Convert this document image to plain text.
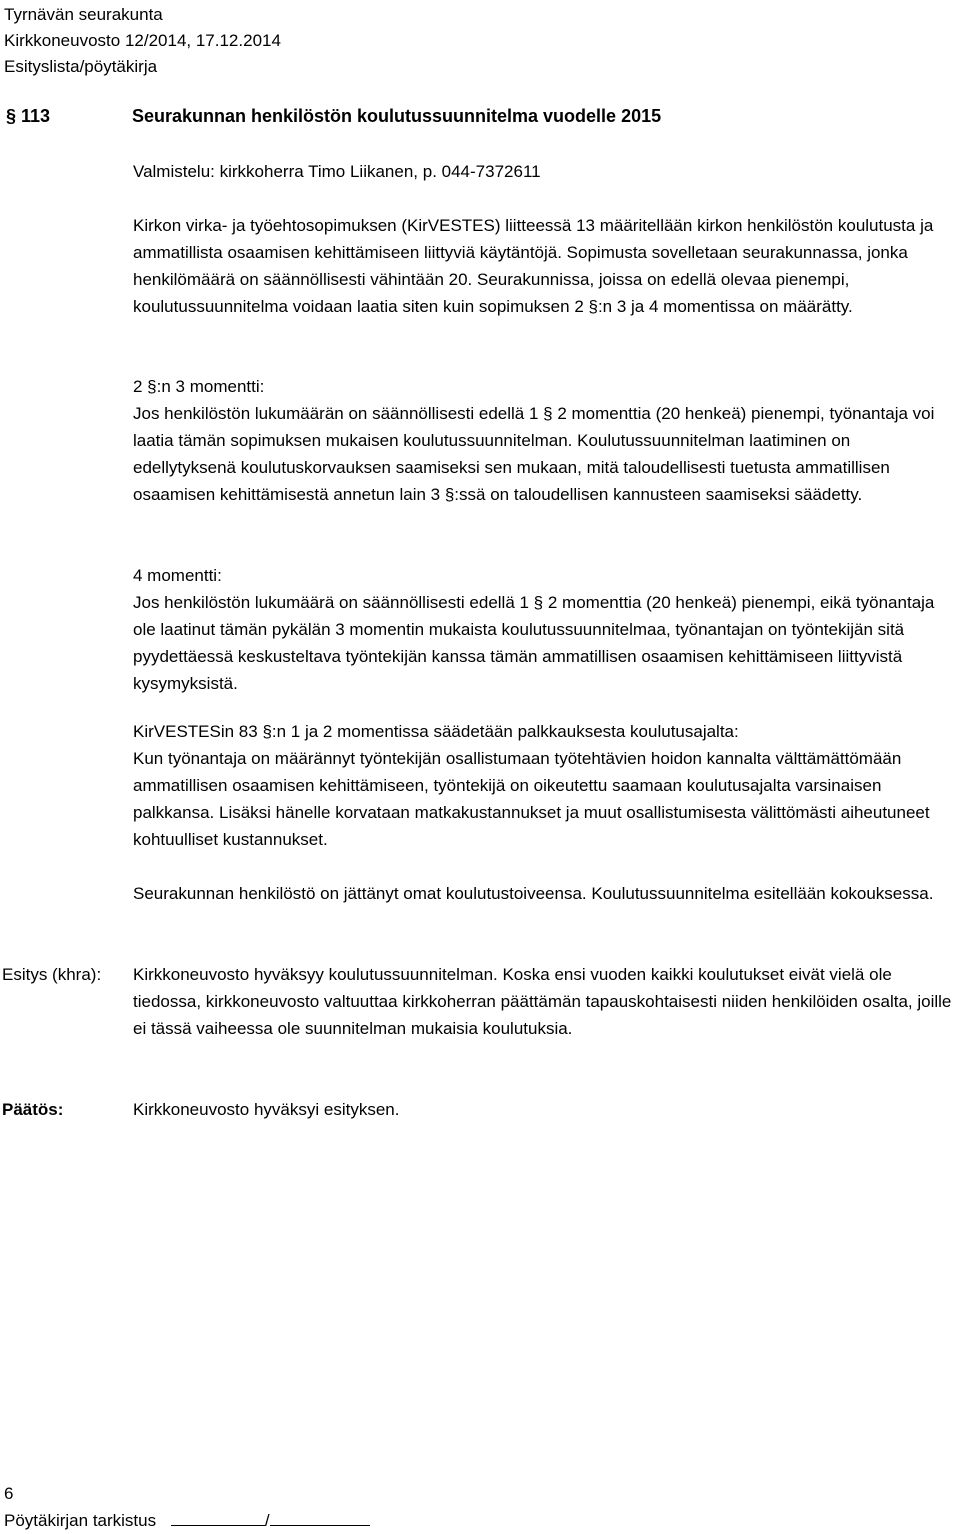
Tyrnävän seurakunta
Kirkkoneuvosto 12/2014, 17.12.2014
Esityslista/pöytäkirja
§ 113	Seurakunnan henkilöstön koulutussuunnitelma vuodelle 2015

Valmistelu: kirkkoherra Timo Liikanen, p. 044-7372611

Kirkon virka- ja työehtosopimuksen (KirVESTES) liitteessä 13 määritellään kirkon henkilöstön koulutusta ja ammatillista osaamisen kehittämiseen liittyviä käytäntöjä. Sopimusta sovelletaan seurakunnassa, jonka henkilömäärä on säännöllisesti vähintään 20. Seurakunnissa, joissa on edellä olevaa pienempi, koulutussuunnitelma voidaan laatia siten kuin sopimuksen 2 §:n 3 ja 4 momentissa on määrätty.

2 §:n 3 momentti:

Jos henkilöstön lukumäärän on säännöllisesti edellä 1 § 2 momenttia (20 henkeä) pienempi, työnantaja voi laatia tämän sopimuksen mukaisen koulutussuunnitelman. Koulutussuunnitelman laatiminen on edellytyksenä koulutuskorvauksen saamiseksi sen mukaan, mitä taloudellisesti tuetusta ammatillisen osaamisen kehittämisestä annetun lain 3 §:ssä on taloudellisen kannusteen saamiseksi säädetty.

4 momentti:

Jos henkilöstön lukumäärä on säännöllisesti edellä 1 § 2 momenttia (20 henkeä) pienempi, eikä työnantaja ole laatinut tämän pykälän 3 momentin mukaista koulutussuunnitelmaa, työnantajan on työntekijän sitä pyydettäessä keskusteltava työntekijän kanssa tämän ammatillisen osaamisen kehittämiseen liittyvistä kysymyksistä.

KirVESTESin 83 §:n 1 ja 2 momentissa säädetään palkkauksesta koulutusajalta:

Kun työnantaja on määrännyt työntekijän osallistumaan työtehtävien hoidon kannalta välttämättömään ammatillisen osaamisen kehittämiseen, työntekijä on oikeutettu saamaan koulutusajalta varsinaisen palkkansa. Lisäksi hänelle korvataan matkakustannukset ja muut osallistumisesta välittömästi aiheutuneet kohtuulliset kustannukset.

Seurakunnan henkilöstö on jättänyt omat koulutustoiveensa. Koulutussuunnitelma esitellään kokouksessa.

Esitys (khra): Kirkkoneuvosto hyväksyy koulutussuunnitelman. Koska ensi vuoden kaikki koulutukset eivät vielä ole tiedossa, kirkkoneuvosto valtuuttaa kirkkoherran päättämän tapauskohtaisesti niiden henkilöiden osalta, joille ei tässä vaiheessa ole suunnitelman mukaisia koulutuksia.

Päätös:	Kirkkoneuvosto hyväksyi esityksen.

6
Pöytäkirjan tarkistus	/
